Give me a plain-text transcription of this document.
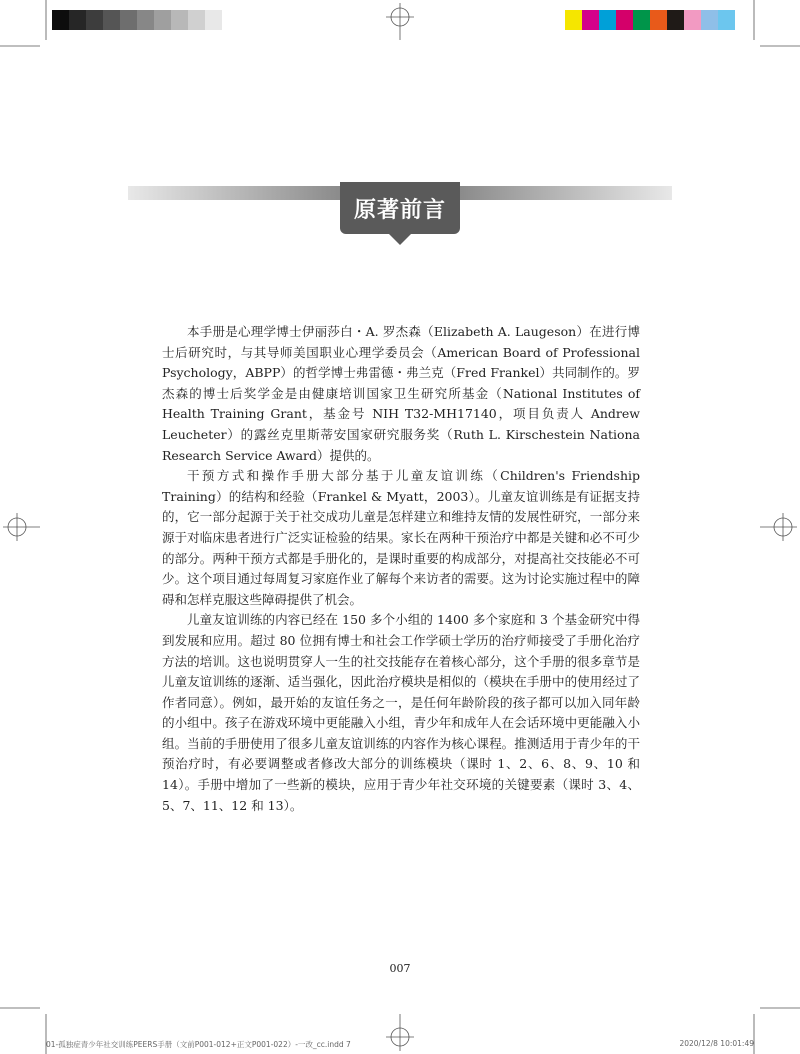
原著前言

本手册是心理学博士伊丽莎白・A. 罗杰森（Elizabeth A. Laugeson）在进行博士后研究时，与其导师美国职业心理学委员会（American Board of Professional Psychology，ABPP）的哲学博士弗雷德・弗兰克（Fred Frankel）共同制作的。罗杰森的博士后奖学金是由健康培训国家卫生研究所基金（National Institutes of Health Training Grant，基金号 NIH T32-MH17140，项目负责人 Andrew Leucheter）的露丝克里斯蒂安国家研究服务奖（Ruth L. Kirschestein Nationa Research Service Award）提供的。

干预方式和操作手册大部分基于儿童友谊训练（Children's Friendship Training）的结构和经验（Frankel & Myatt，2003）。儿童友谊训练是有证据支持的，它一部分起源于关于社交成功儿童是怎样建立和维持友情的发展性研究，一部分来源于对临床患者进行广泛实证检验的结果。家长在两种干预治疗中都是关键和必不可少的部分。两种干预方式都是手册化的，是课时重要的构成部分，对提高社交技能必不可少。这个项目通过每周复习家庭作业了解每个来访者的需要。这为讨论实施过程中的障碍和怎样克服这些障碍提供了机会。

儿童友谊训练的内容已经在 150 多个小组的 1400 多个家庭和 3 个基金研究中得到发展和应用。超过 80 位拥有博士和社会工作学硕士学历的治疗师接受了手册化治疗方法的培训。这也说明贯穿人一生的社交技能存在着核心部分，这个手册的很多章节是儿童友谊训练的逐渐、适当强化，因此治疗模块是相似的（模块在手册中的使用经过了作者同意）。例如，最开始的友谊任务之一，是任何年龄阶段的孩子都可以加入同年龄的小组中。孩子在游戏环境中更能融入小组，青少年和成年人在会话环境中更能融入小组。当前的手册使用了很多儿童友谊训练的内容作为核心课程。推测适用于青少年的干预治疗时，有必要调整或者修改大部分的训练模块（课时 1、2、6、8、9、10 和 14）。手册中增加了一些新的模块，应用于青少年社交环境的关键要素（课时 3、4、5、7、11、12 和 13）。

007
01-孤独症青少年社交训练PEERS手册（文前P001-012+正文P001-022）-一改_cc.indd 7	2020/12/8 10:01:49
